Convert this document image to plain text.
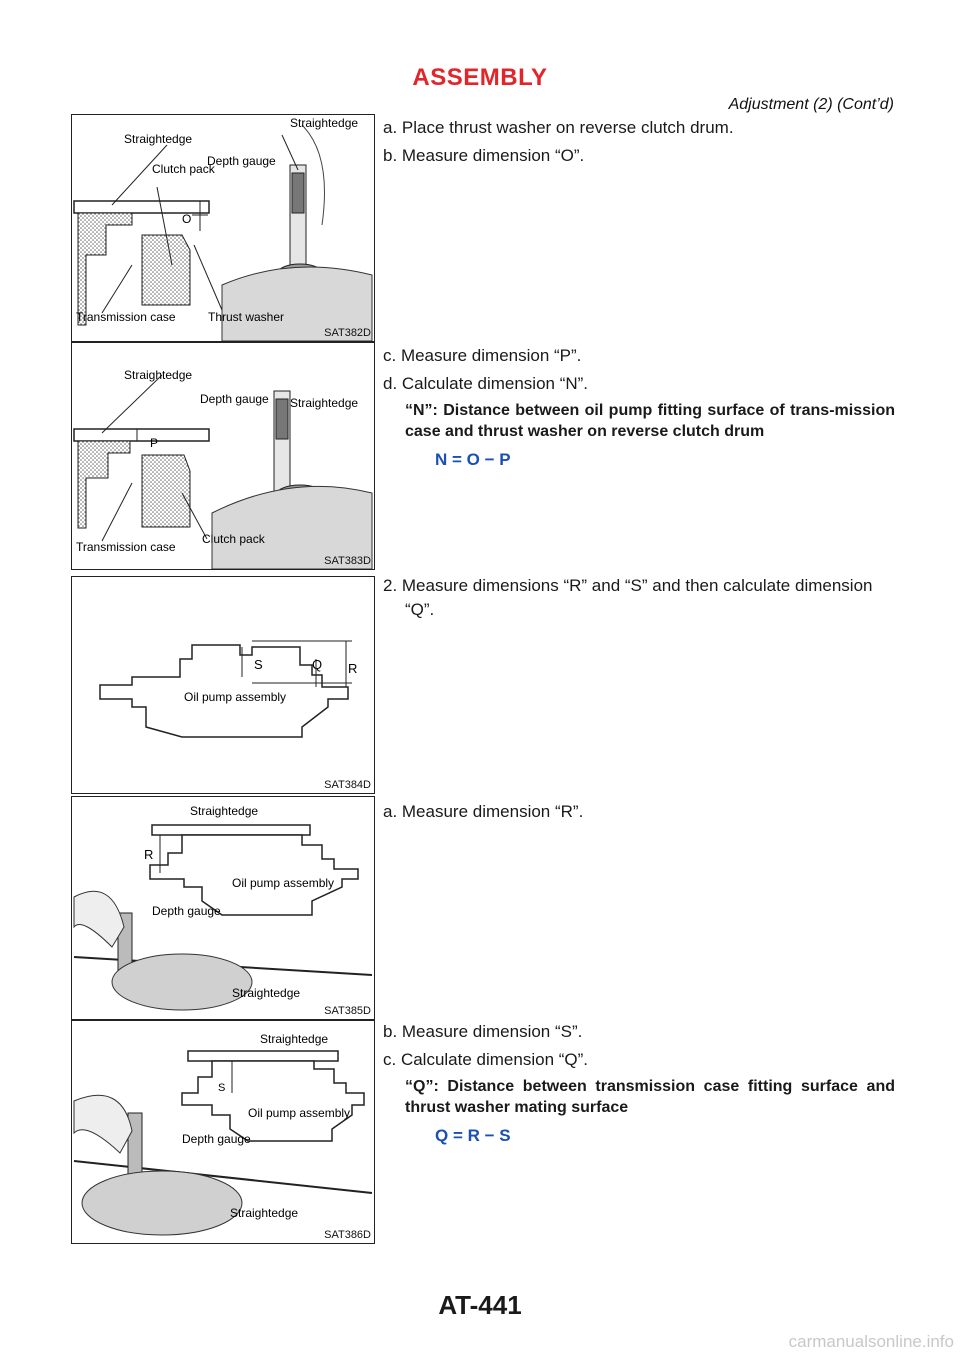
ASSEMBLY
Adjustment (2) (Cont’d)
Straightedge
Clutch pack
Depth gauge
Straightedge
O
Transmission case	Thrust washer
SAT382D
Straightedge
Depth gauge Straightedge
P
Transmission case
Clutch pack
SAT383D
S	Q R
Oil pump assembly
SAT384D
Straightedge
R
Oil pump assembly
Depth gauge
Straightedge
SAT385D
Straightedge
S
Oil pump assembly
Depth gauge
Straightedge
SAT386D

a. Place thrust washer on reverse clutch drum.

b. Measure dimension “O”.

c. Measure dimension “P”.

d. Calculate dimension “N”.

“N”: Distance between oil pump fitting surface of trans-mission case and thrust washer on reverse clutch drum
N = O − P

2. Measure dimensions “R” and “S” and then calculate dimension “Q”.

a. Measure dimension “R”.

b. Measure dimension “S”.

c. Calculate dimension “Q”.

“Q”: Distance between transmission case fitting surface and thrust washer mating surface
Q = R − S
AT-441
carmanualsonline.info
